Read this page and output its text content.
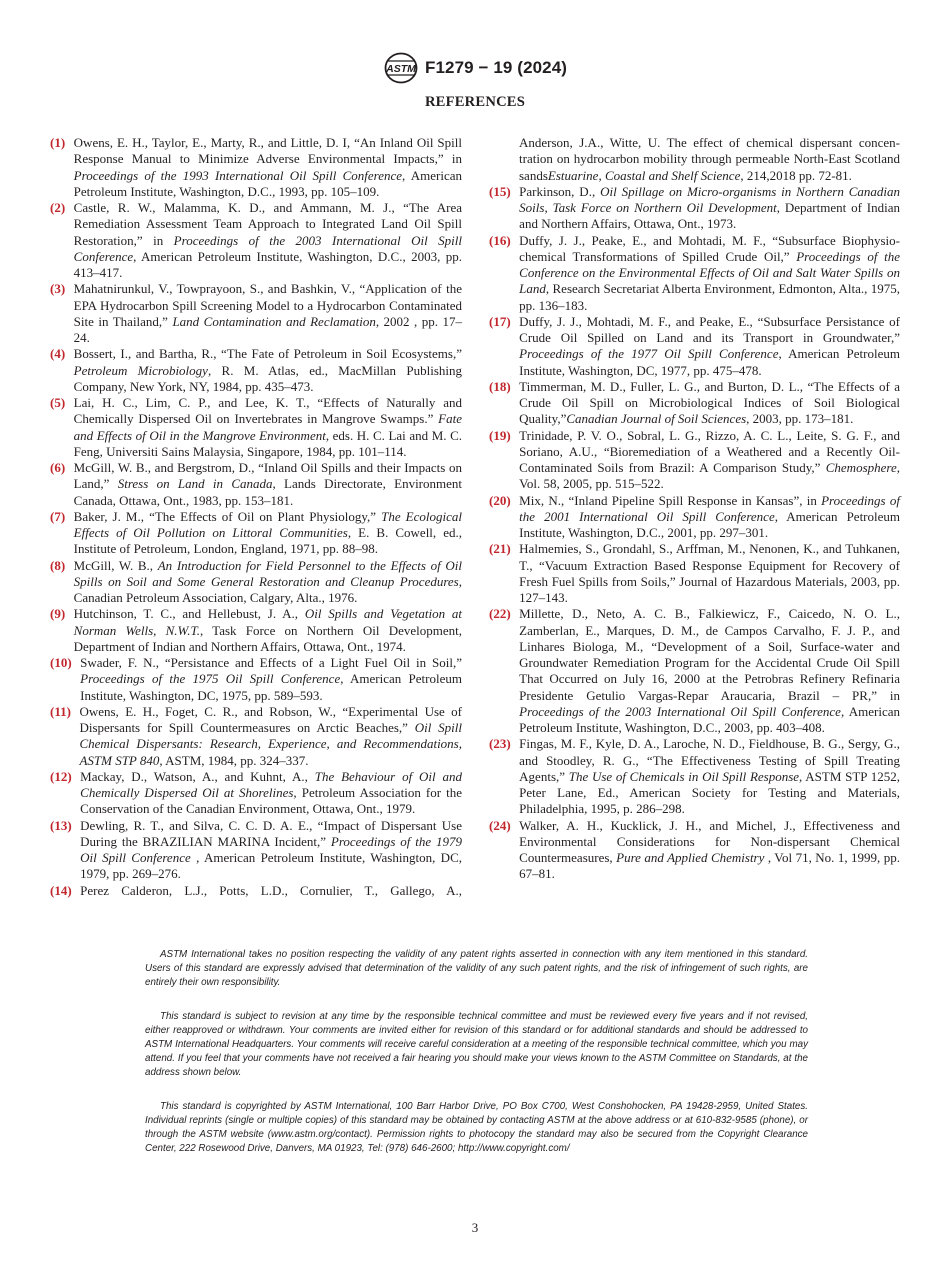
ASTM F1279 − 19 (2024)
REFERENCES
(1) Owens, E. H., Taylor, E., Marty, R., and Little, D. I, “An Inland Oil Spill Response Manual to Minimize Adverse Environmental Impacts,” in Proceedings of the 1993 International Oil Spill Conference, American Petroleum Institute, Washington, D.C., 1993, pp. 105–109.
(2) Castle, R. W., Malamma, K. D., and Ammann, M. J., “The Area Remediation Assessment Team Approach to Integrated Land Oil Spill Restoration,” in Proceedings of the 2003 International Oil Spill Conference, American Petroleum Institute, Washington, D.C., 2003, pp. 413–417.
(3) Mahatnirunkul, V., Towprayoon, S., and Bashkin, V., “Application of the EPA Hydrocarbon Spill Screening Model to a Hydrocarbon Contaminated Site in Thailand,” Land Contamination and Reclamation, 2002 , pp. 17–24.
(4) Bossert, I., and Bartha, R., “The Fate of Petroleum in Soil Ecosystems,” Petroleum Microbiology, R. M. Atlas, ed., MacMillan Publishing Company, New York, NY, 1984, pp. 435–473.
(5) Lai, H. C., Lim, C. P., and Lee, K. T., “Effects of Naturally and Chemically Dispersed Oil on Invertebrates in Mangrove Swamps.” Fate and Effects of Oil in the Mangrove Environment, eds. H. C. Lai and M. C. Feng, Universiti Sains Malaysia, Singapore, 1984, pp. 101–114.
(6) McGill, W. B., and Bergstrom, D., “Inland Oil Spills and their Impacts on Land,” Stress on Land in Canada, Lands Directorate, Environment Canada, Ottawa, Ont., 1983, pp. 153–181.
(7) Baker, J. M., “The Effects of Oil on Plant Physiology,” The Ecological Effects of Oil Pollution on Littoral Communities, E. B. Cowell, ed., Institute of Petroleum, London, England, 1971, pp. 88–98.
(8) McGill, W. B., An Introduction for Field Personnel to the Effects of Oil Spills on Soil and Some General Restoration and Cleanup Procedures, Canadian Petroleum Association, Calgary, Alta., 1976.
(9) Hutchinson, T. C., and Hellebust, J. A., Oil Spills and Vegetation at Norman Wells, N.W.T., Task Force on Northern Oil Development, Department of Indian and Northern Affairs, Ottawa, Ont., 1974.
(10) Swader, F. N., “Persistance and Effects of a Light Fuel Oil in Soil,” Proceedings of the 1975 Oil Spill Conference, American Petroleum Institute, Washington, DC, 1975, pp. 589–593.
(11) Owens, E. H., Foget, C. R., and Robson, W., “Experimental Use of Dispersants for Spill Countermeasures on Arctic Beaches,” Oil Spill Chemical Dispersants: Research, Experience, and Recommendations, ASTM STP 840, ASTM, 1984, pp. 324–337.
(12) Mackay, D., Watson, A., and Kuhnt, A., The Behaviour of Oil and Chemically Dispersed Oil at Shorelines, Petroleum Association for the Conservation of the Canadian Environment, Ottawa, Ont., 1979.
(13) Dewling, R. T., and Silva, C. C. D. A. E., “Impact of Dispersant Use During the BRAZILIAN MARINA Incident,” Proceedings of the 1979 Oil Spill Conference , American Petroleum Institute, Washington, DC, 1979, pp. 269–276.
(14) Perez Calderon, L.J., Potts, L.D., Cornulier, T., Gallego, A.,
Anderson, J.A., Witte, U. The effect of chemical dispersant concentration on hydrocarbon mobility through permeable North-East Scotland sandsEstuarine, Coastal and Shelf Science, 214,2018 pp. 72-81.
(15) Parkinson, D., Oil Spillage on Micro-organisms in Northern Canadian Soils, Task Force on Northern Oil Development, Department of Indian and Northern Affairs, Ottawa, Ont., 1973.
(16) Duffy, J. J., Peake, E., and Mohtadi, M. F., “Subsurface Biophysiochemical Transformations of Spilled Crude Oil,” Proceedings of the Conference on the Environmental Effects of Oil and Salt Water Spills on Land, Research Secretariat Alberta Environment, Edmonton, Alta., 1975, pp. 136–183.
(17) Duffy, J. J., Mohtadi, M. F., and Peake, E., “Subsurface Persistance of Crude Oil Spilled on Land and its Transport in Groundwater,” Proceedings of the 1977 Oil Spill Conference, American Petroleum Institute, Washington, DC, 1977, pp. 475–478.
(18) Timmerman, M. D., Fuller, L. G., and Burton, D. L., “The Effects of a Crude Oil Spill on Microbiological Indices of Soil Biological Quality,”Canadian Journal of Soil Sciences, 2003, pp. 173–181.
(19) Trinidade, P. V. O., Sobral, L. G., Rizzo, A. C. L., Leite, S. G. F., and Soriano, A.U., “Bioremediation of a Weathered and a Recently Oil-Contaminated Soils from Brazil: A Comparison Study,” Chemosphere, Vol. 58, 2005, pp. 515–522.
(20) Mix, N., “Inland Pipeline Spill Response in Kansas”, in Proceedings of the 2001 International Oil Spill Conference, American Petroleum Institute, Washington, D.C., 2001, pp. 297–301.
(21) Halmemies, S., Grondahl, S., Arffman, M., Nenonen, K., and Tuhkanen, T., “Vacuum Extraction Based Response Equipment for Recovery of Fresh Fuel Spills from Soils,” Journal of Hazardous Materials, 2003, pp. 127–143.
(22) Millette, D., Neto, A. C. B., Falkiewicz, F., Caicedo, N. O. L., Zamberlan, E., Marques, D. M., de Campos Carvalho, F. J. P., and Linhares Biologa, M., “Development of a Soil, Surface-water and Groundwater Remediation Program for the Accidental Crude Oil Spill That Occurred on July 16, 2000 at the Petrobras Refinery Refinaria Presidente Getulio Vargas-Repar Araucaria, Brazil – PR,” in Proceedings of the 2003 International Oil Spill Conference, American Petroleum Institute, Washington, D.C., 2003, pp. 403–408.
(23) Fingas, M. F., Kyle, D. A., Laroche, N. D., Fieldhouse, B. G., Sergy, G., and Stoodley, R. G., “The Effectiveness Testing of Spill Treating Agents,” The Use of Chemicals in Oil Spill Response, ASTM STP 1252, Peter Lane, Ed., American Society for Testing and Materials, Philadelphia, 1995, p. 286–298.
(24) Walker, A. H., Kucklick, J. H., and Michel, J., Effectiveness and Environmental Considerations for Non-dispersant Chemical Countermeasures, Pure and Applied Chemistry , Vol 71, No. 1, 1999, pp. 67–81.

ASTM International takes no position respecting the validity of any patent rights asserted in connection with any item mentioned in this standard. Users of this standard are expressly advised that determination of the validity of any such patent rights, and the risk of infringement of such rights, are entirely their own responsibility.

This standard is subject to revision at any time by the responsible technical committee and must be reviewed every five years and if not revised, either reapproved or withdrawn. Your comments are invited either for revision of this standard or for additional standards and should be addressed to ASTM International Headquarters. Your comments will receive careful consideration at a meeting of the responsible technical committee, which you may attend. If you feel that your comments have not received a fair hearing you should make your views known to the ASTM Committee on Standards, at the address shown below.

This standard is copyrighted by ASTM International, 100 Barr Harbor Drive, PO Box C700, West Conshohocken, PA 19428-2959, United States. Individual reprints (single or multiple copies) of this standard may be obtained by contacting ASTM at the above address or at 610-832-9585 (phone), or through the ASTM website (www.astm.org/contact). Permission rights to photocopy the standard may also be secured from the Copyright Clearance Center, 222 Rosewood Drive, Danvers, MA 01923, Tel: (978) 646-2600; http://www.copyright.com/

3
